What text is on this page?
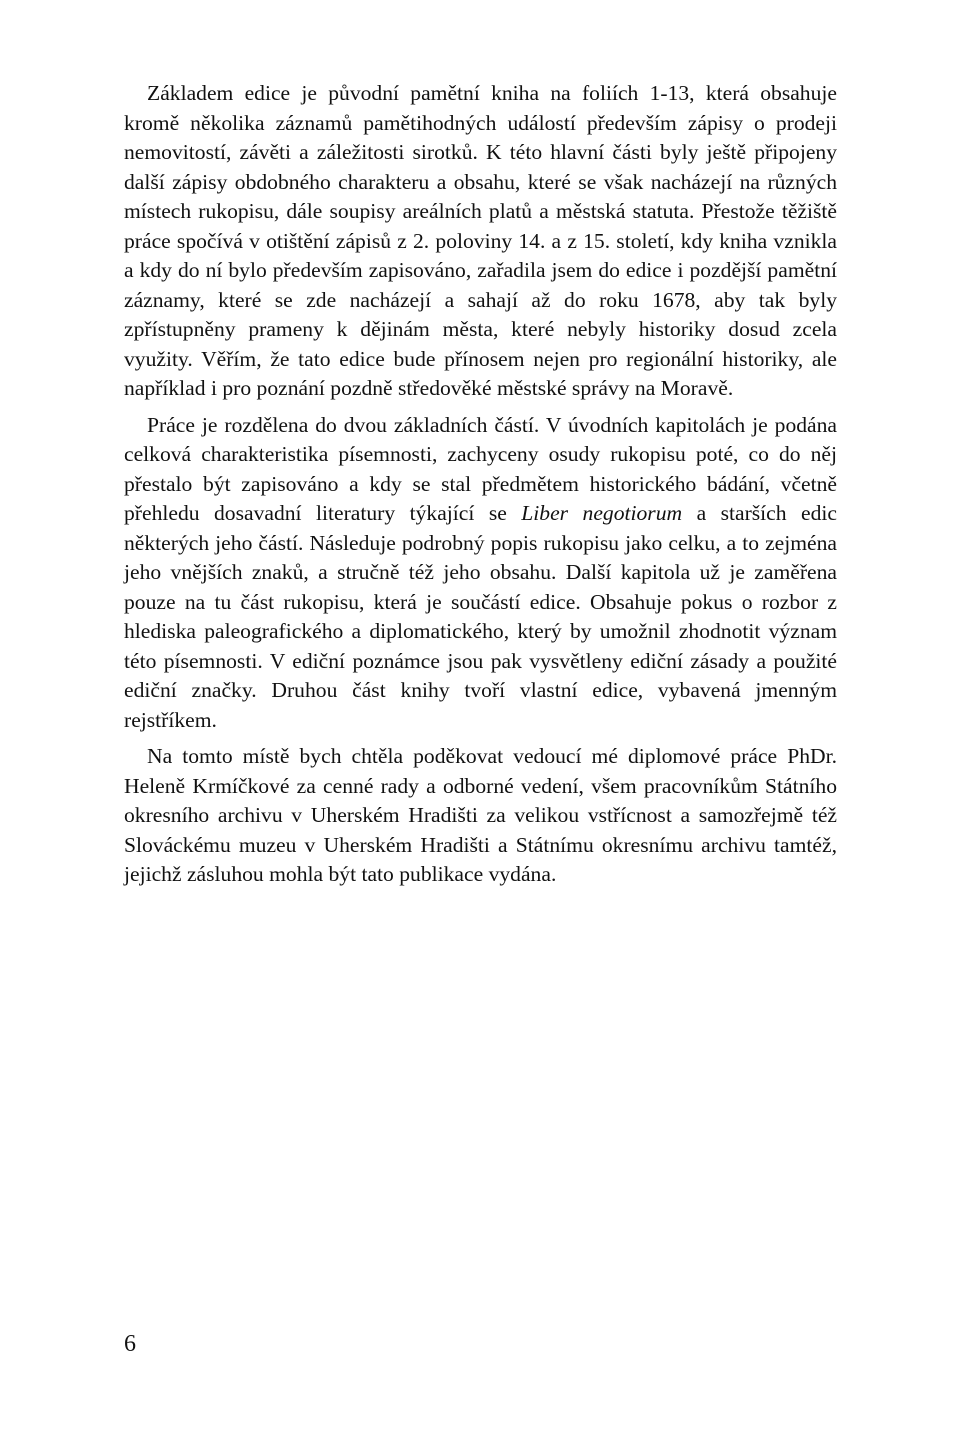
Základem edice je původní pamětní kniha na foliích 1-13, která obsahuje kromě několika záznamů pamětihodných událostí především zápisy o prodeji nemovitostí, závěti a záležitosti sirotků. K této hlavní části byly ještě připojeny další zápisy obdobného charakteru a obsahu, které se však nacházejí na různých místech rukopisu, dále soupisy areálních platů a městská statuta. Přestože těžiště práce spočívá v otištění zápisů z 2. poloviny 14. a z 15. století, kdy kniha vznikla a kdy do ní bylo především zapisováno, zařadila jsem do edice i pozdější pamětní záznamy, které se zde nacházejí a sahají až do roku 1678, aby tak byly zpřístupněny prameny k dějinám města, které nebyly historiky dosud zcela využity. Věřím, že tato edice bude přínosem nejen pro regionální historiky, ale například i pro poznání pozdně středověké městské správy na Moravě.

Práce je rozdělena do dvou základních částí. V úvodních kapitolách je podána celková charakteristika písemnosti, zachyceny osudy rukopisu poté, co do něj přestalo být zapisováno a kdy se stal předmětem historického bádání, včetně přehledu dosavadní literatury týkající se Liber negotiorum a starších edic některých jeho částí. Následuje podrobný popis rukopisu jako celku, a to zejména jeho vnějších znaků, a stručně též jeho obsahu. Další kapitola už je zaměřena pouze na tu část rukopisu, která je součástí edice. Obsahuje pokus o rozbor z hlediska paleografického a diplomatického, který by umožnil zhodnotit význam této písemnosti. V ediční poznámce jsou pak vysvětleny ediční zásady a použité ediční značky. Druhou část knihy tvoří vlastní edice, vybavená jmenným rejstříkem.

Na tomto místě bych chtěla poděkovat vedoucí mé diplomové práce PhDr. Heleně Krmíčkové za cenné rady a odborné vedení, všem pracovníkům Státního okresního archivu v Uherském Hradišti za velikou vstřícnost a samozřejmě též Slováckému muzeu v Uherském Hradišti a Státnímu okresnímu archivu tamtéž, jejichž zásluhou mohla být tato publikace vydána.

6
